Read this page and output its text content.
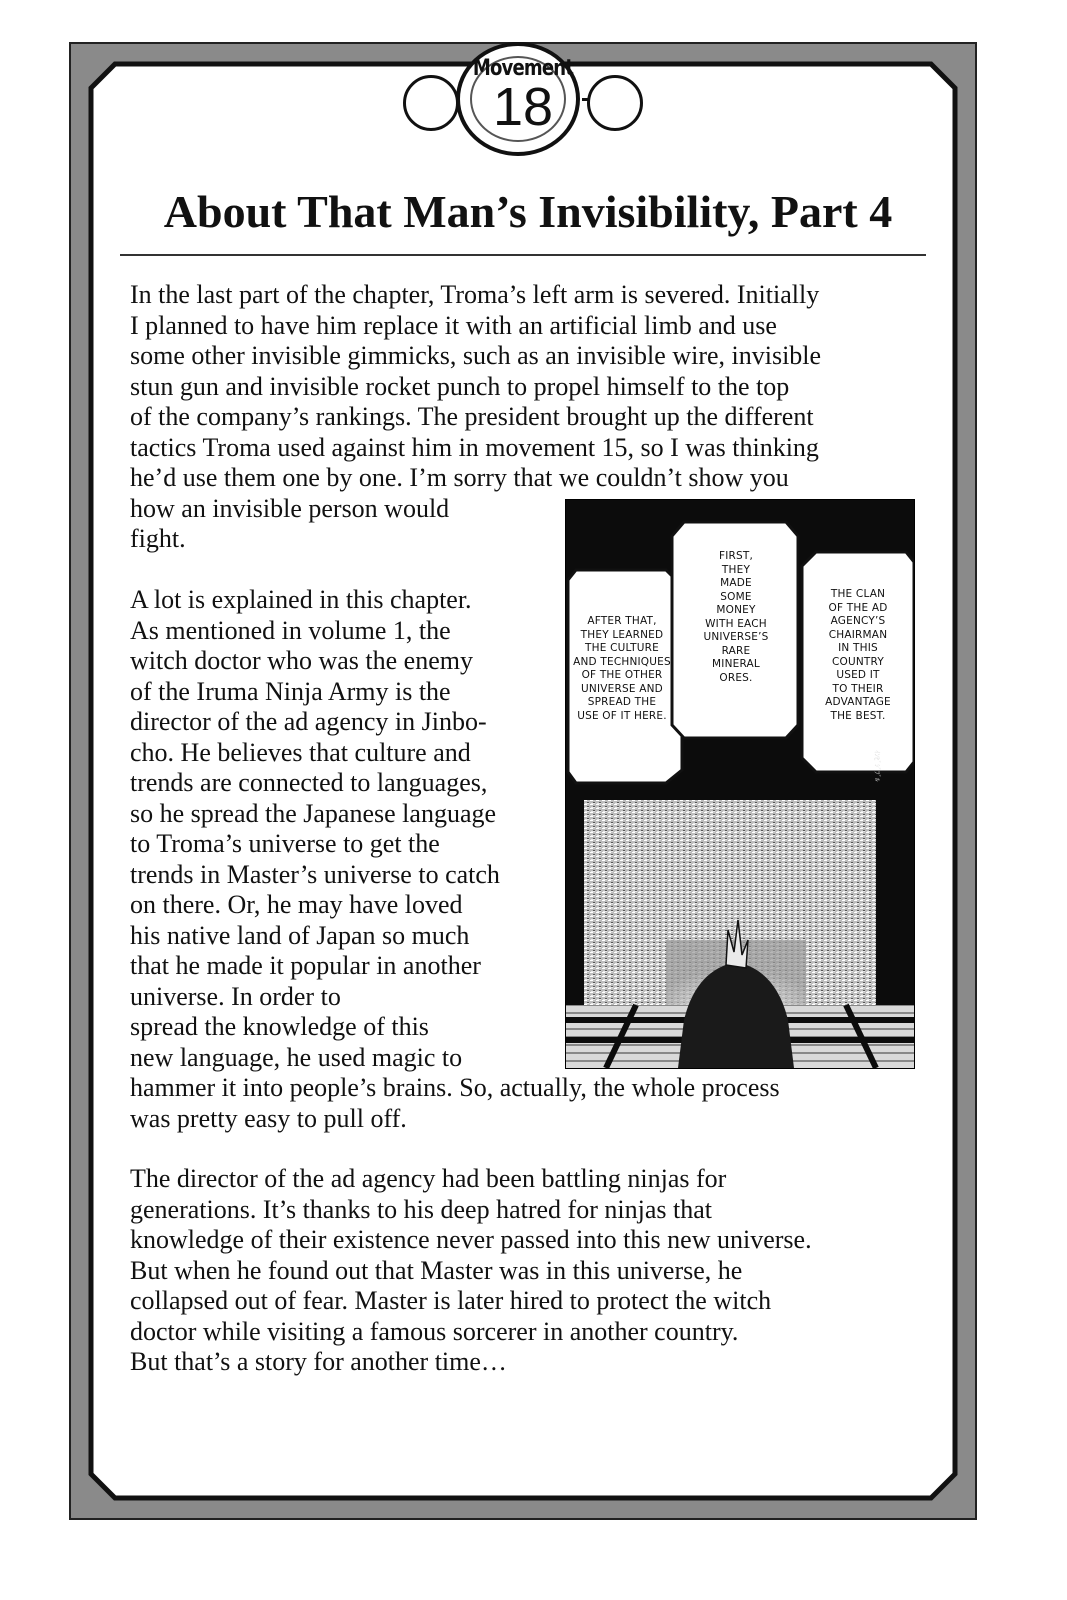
Movement
18
About That Man’s Invisibility, Part 4

In the last part of the chapter, Troma’s left arm is severed. Initially
I planned to have him replace it with an artificial limb and use
some other invisible gimmicks, such as an invisible wire, invisible
stun gun and invisible rocket punch to propel himself to the top
of the company’s rankings. The president brought up the different
tactics Troma used against him in movement 15, so I was thinking
he’d use them one by one. I’m sorry that we couldn’t show you
how an invisible person would
fight.

A lot is explained in this chapter.
As mentioned in volume 1, the
witch doctor who was the enemy
of the Iruma Ninja Army is the
director of the ad agency in Jinbo-
cho. He believes that culture and
trends are connected to languages,
so he spread the Japanese language
to Troma’s universe to get the
trends in Master’s universe to catch
on there. Or, he may have loved
his native land of Japan so much
that he made it popular in another
universe. In order to
spread the knowledge of this
new language, he used magic to
hammer it into people’s brains. So, actually, the whole process
was pretty easy to pull off.

The director of the ad agency had been battling ninjas for
generations. It’s thanks to his deep hatred for ninjas that
knowledge of their existence never passed into this new universe.
But when he found out that Master was in this universe, he
collapsed out of fear. Master is later hired to protect the witch
doctor while visiting a famous sorcerer in another country.
But that’s a story for another time…

AFTER THAT,
THEY LEARNED
THE CULTURE
AND TECHNIQUES
OF THE OTHER
UNIVERSE AND
SPREAD THE
USE OF IT HERE.
FIRST,
THEY
MADE
SOME
MONEY
WITH EACH
UNIVERSE’S
RARE
MINERAL
ORES.
THE CLAN
OF THE AD
AGENCY’S
CHAIRMAN
IN THIS
COUNTRY
USED IT
TO THEIR
ADVANTAGE
THE BEST.
ｲﾝﾋﾞｼﾞﾌﾞﾙ
